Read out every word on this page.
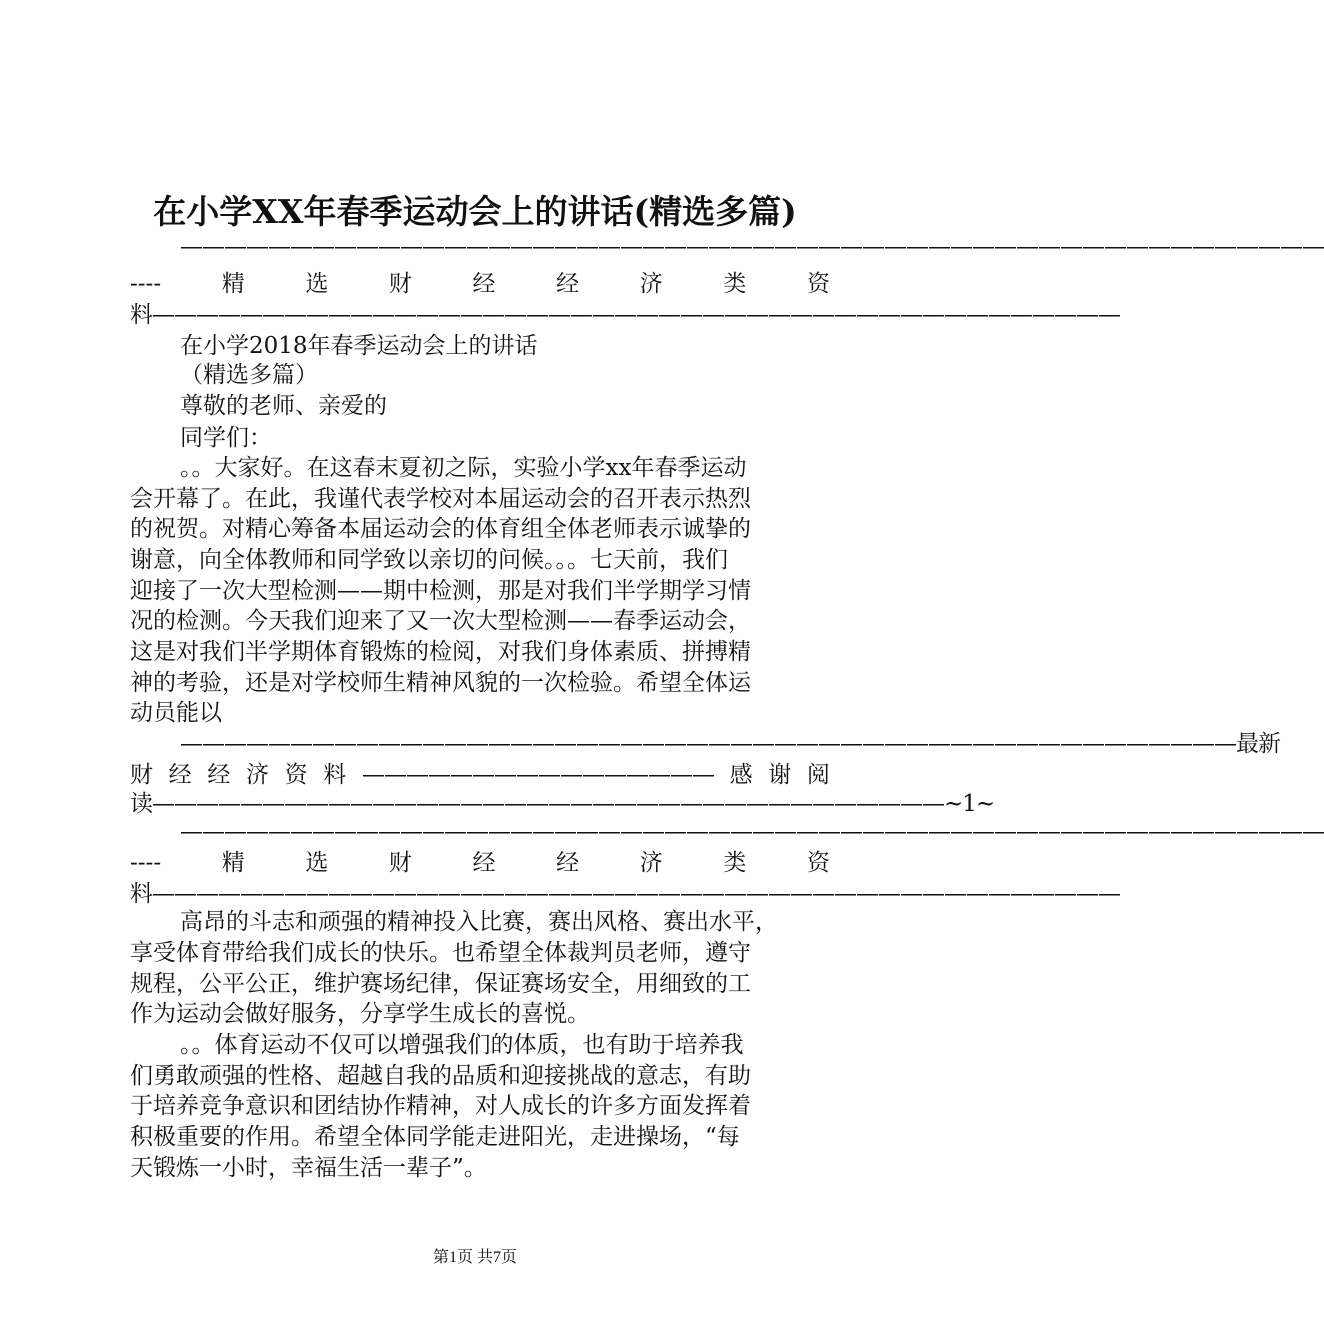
在小学XX年春季运动会上的讲话(精选多篇)
————————————————————————————————————————————————————
----	精	选	财	经	经	济	类	资
料————————————————————————————————————————————
在小学2018年春季运动会上的讲话
（精选多篇）
尊敬的老师、亲爱的
同学们：
。。大家好。在这春末夏初之际，实验小学xx年春季运动
会开幕了。在此，我谨代表学校对本届运动会的召开表示热烈
的祝贺。对精心筹备本届运动会的体育组全体老师表示诚挚的
谢意，向全体教师和同学致以亲切的问候。。。七天前，我们
迎接了一次大型检测——期中检测，那是对我们半学期学习情
况的检测。今天我们迎来了又一次大型检测——春季运动会，
这是对我们半学期体育锻炼的检阅，对我们身体素质、拼搏精
神的考验，还是对学校师生精神风貌的一次检验。希望全体运
动员能以
————————————————————————————————————————————————最新
财 经 经 济 资 料 ———————————————— 感 谢 阅
读————————————————————————————————————~1~
————————————————————————————————————————————————————
----	精	选	财	经	经	济	类	资
料————————————————————————————————————————————
高昂的斗志和顽强的精神投入比赛，赛出风格、赛出水平，
享受体育带给我们成长的快乐。也希望全体裁判员老师，遵守
规程，公平公正，维护赛场纪律，保证赛场安全，用细致的工
作为运动会做好服务，分享学生成长的喜悦。
。。体育运动不仅可以增强我们的体质，也有助于培养我
们勇敢顽强的性格、超越自我的品质和迎接挑战的意志，有助
于培养竞争意识和团结协作精神，对人成长的许多方面发挥着
积极重要的作用。希望全体同学能走进阳光，走进操场，“每
天锻炼一小时，幸福生活一辈子”。
第1页 共7页
